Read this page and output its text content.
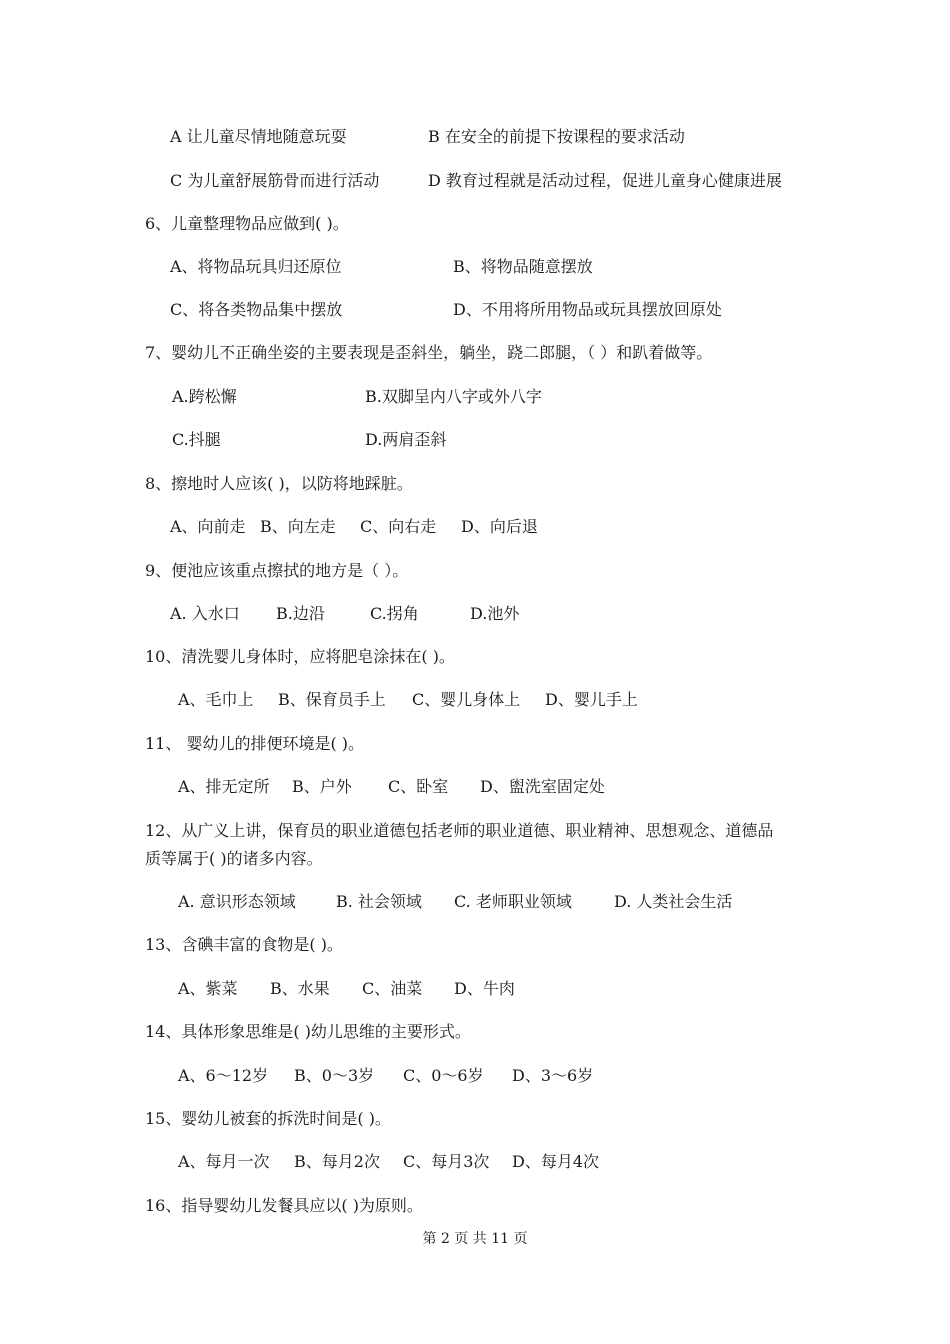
A 让儿童尽情地随意玩耍	B 在安全的前提下按课程的要求活动
C 为儿童舒展筋骨而进行活动	D 教育过程就是活动过程，促进儿童身心健康进展
6、儿童整理物品应做到( )。
A、将物品玩具归还原位	B、将物品随意摆放
C、将各类物品集中摆放	D、不用将所用物品或玩具摆放回原处
7、婴幼儿不正确坐姿的主要表现是歪斜坐，躺坐，跷二郎腿，（ ）和趴着做等。
A.跨松懈	B.双脚呈内八字或外八字
C.抖腿	D.两肩歪斜
8、擦地时人应该( )，以防将地踩脏。
A、向前走 B、向左走 C、向右走 D、向后退
9、便池应该重点擦拭的地方是（ ）。
A. 入水口 B.边沿	C.拐角	D.池外
10、清洗婴儿身体时，应将肥皂涂抹在( )。
A、毛巾上 B、保育员手上 C、婴儿身体上 D、婴儿手上
11、 婴幼儿的排便环境是( )。
A、排无定所 B、户外 C、卧室 D、盥洗室固定处
12、从广义上讲，保育员的职业道德包括老师的职业道德、职业精神、思想观念、道德品
质等属于( )的诸多内容。
A. 意识形态领域	B. 社会领域 C. 老师职业领域	D. 人类社会生活
13、含碘丰富的食物是( )。
A、紫菜 B、水果 C、油菜 D、牛肉
14、具体形象思维是( )幼儿思维的主要形式。
A、6～12岁 B、0～3岁 C、0～6岁 D、3～6岁
15、婴幼儿被套的拆洗时间是( )。
A、每月一次 B、每月2次 C、每月3次 D、每月4次
16、指导婴幼儿发餐具应以( )为原则。
第 2 页 共 11 页
